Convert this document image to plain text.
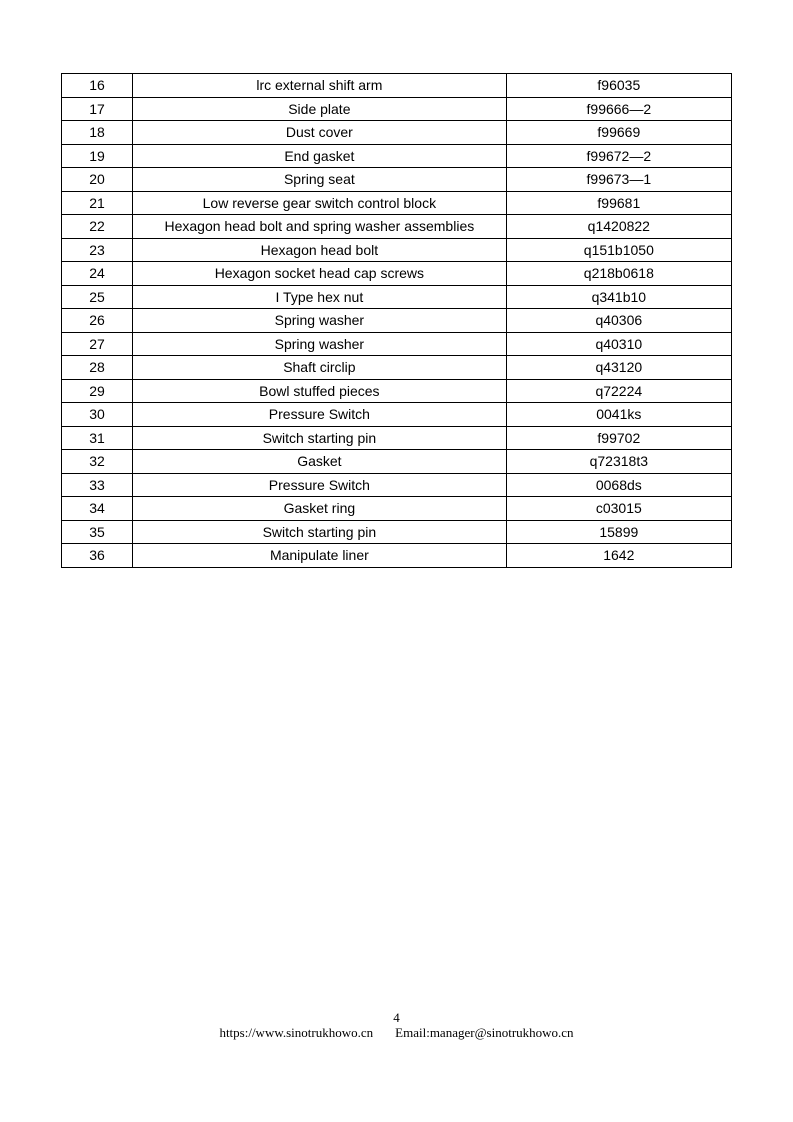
16	lrc external shift arm	f96035
17	Side plate	f99666—2
18	Dust cover	f99669
19	End gasket	f99672—2
20	Spring seat	f99673—1
21	Low reverse gear switch control block	f99681
22	Hexagon head bolt and spring washer assemblies	q1420822
23	Hexagon head bolt	q151b1050
24	Hexagon socket head cap screws	q218b0618
25	I Type hex nut	q341b10
26	Spring washer	q40306
27	Spring washer	q40310
28	Shaft circlip	q43120
29	Bowl stuffed pieces	q72224
30	Pressure Switch	0041ks
31	Switch starting pin	f99702
32	Gasket	q72318t3
33	Pressure Switch	0068ds
34	Gasket ring	c03015
35	Switch starting pin	15899
36	Manipulate liner	1642
4
https://www.sinotrukhowo.cn Email:manager@sinotrukhowo.cn
